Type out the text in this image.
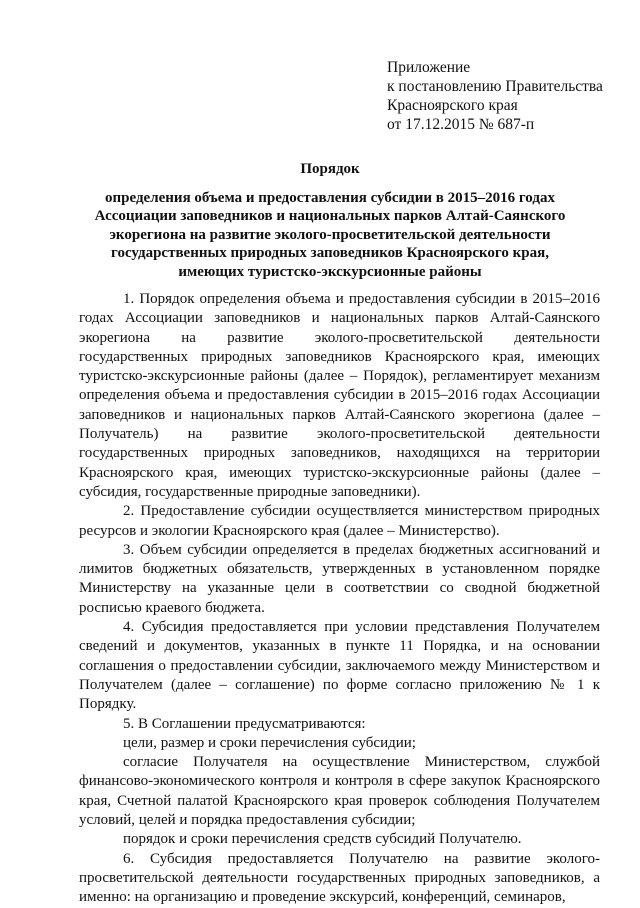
Приложение
к постановлению Правительства
Красноярского края
от 17.12.2015 № 687-п
Порядок
определения объема и предоставления субсидии в 2015–2016 годах
Ассоциации заповедников и национальных парков Алтай-Саянского
экорегиона на развитие эколого-просветительской деятельности
государственных природных заповедников Красноярского края,
имеющих туристско-экскурсионные районы

1. Порядок определения объема и предоставления субсидии в 2015–2016 годах Ассоциации заповедников и национальных парков Алтай-Саянского экорегиона на развитие эколого-просветительской деятельности государственных природных заповедников Красноярского края, имеющих туристско-экскурсионные районы (далее – Порядок), регламентирует механизм определения объема и предоставления субсидии в 2015–2016 годах Ассоциации заповедников и национальных парков Алтай-Саянского экорегиона (далее – Получатель) на развитие эколого-просветительской деятельности государственных природных заповедников, находящихся на территории Красноярского края, имеющих туристско-экскурсионные районы (далее – субсидия, государственные природные заповедники).

2. Предоставление субсидии осуществляется министерством природных ресурсов и экологии Красноярского края (далее – Министерство).

3. Объем субсидии определяется в пределах бюджетных ассигнований и лимитов бюджетных обязательств, утвержденных в установленном порядке Министерству на указанные цели в соответствии со сводной бюджетной росписью краевого бюджета.

4. Субсидия предоставляется при условии представления Получателем сведений и документов, указанных в пункте 11 Порядка, и на основании соглашения о предоставлении субсидии, заключаемого между Министерством и Получателем (далее – соглашение) по форме согласно приложению № 1 к Порядку.

5. В Соглашении предусматриваются:

цели, размер и сроки перечисления субсидии;

согласие Получателя на осуществление Министерством, службой финансово-экономического контроля и контроля в сфере закупок Красноярского края, Счетной палатой Красноярского края проверок соблюдения Получателем условий, целей и порядка предоставления субсидии;

порядок и сроки перечисления средств субсидий Получателю.

6. Субсидия предоставляется Получателю на развитие эколого-просветительской деятельности государственных природных заповедников, а именно: на организацию и проведение экскурсий, конференций, семинаров,
